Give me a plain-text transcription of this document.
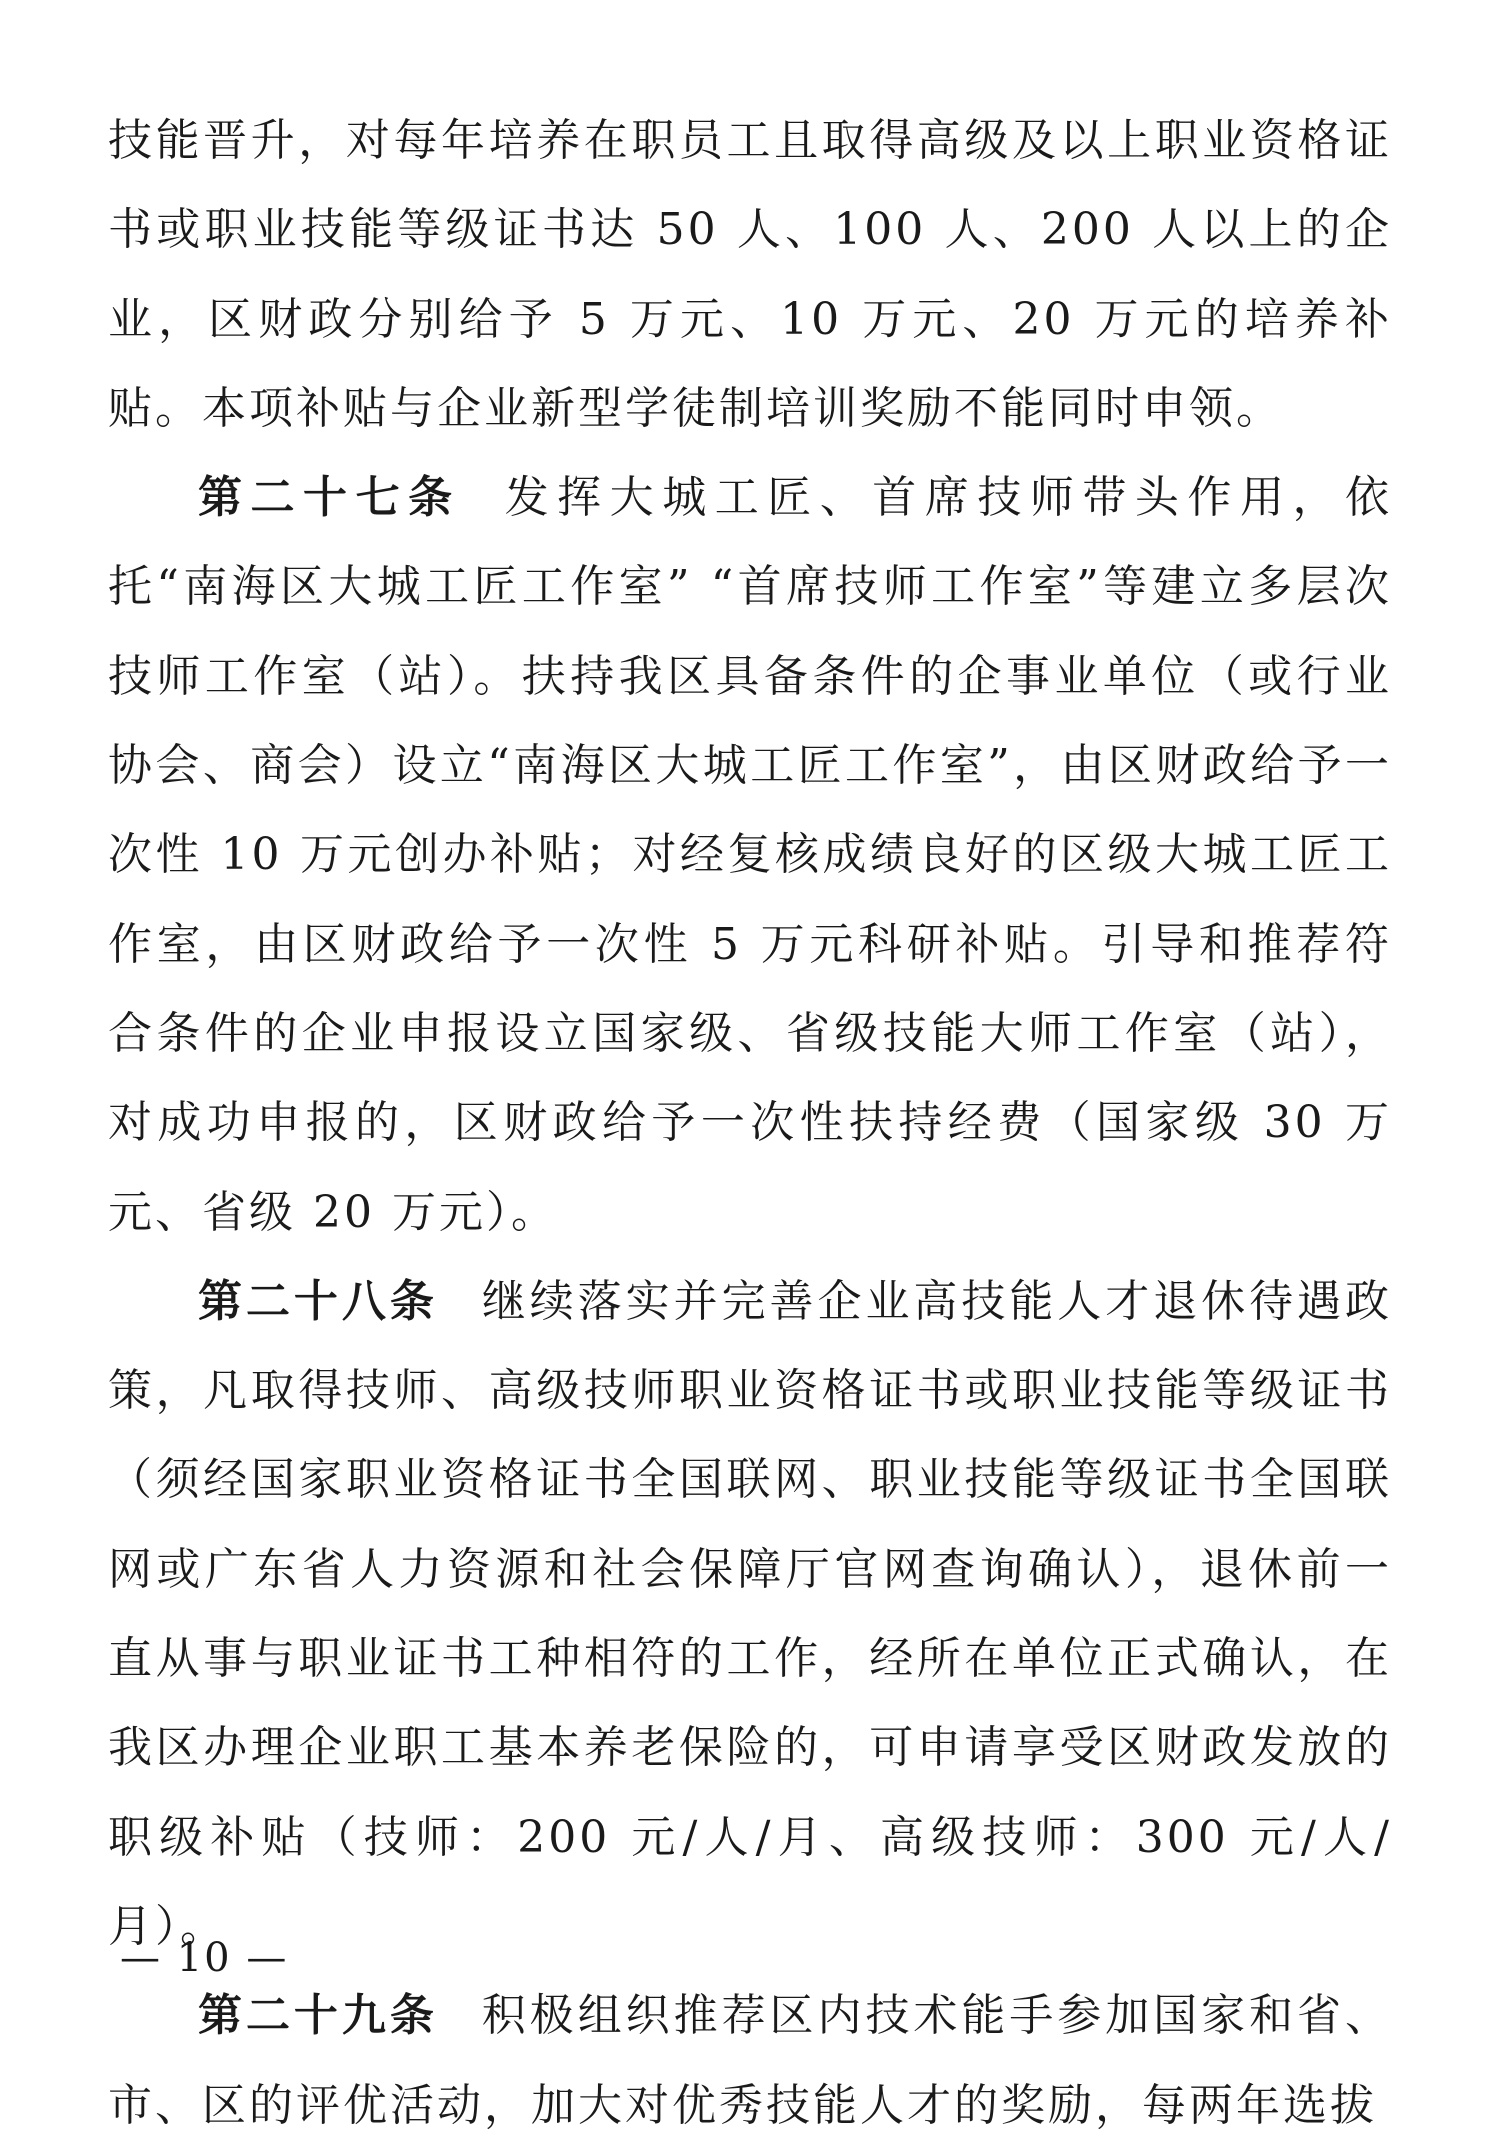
技能晋升，对每年培养在职员工且取得高级及以上职业资格证书或职业技能等级证书达 50 人、100 人、200 人以上的企业，区财政分别给予 5 万元、10 万元、20 万元的培养补贴。本项补贴与企业新型学徒制培训奖励不能同时申领。

第二十七条 发挥大城工匠、首席技师带头作用，依托“南海区大城工匠工作室” “首席技师工作室”等建立多层次技师工作室（站）。扶持我区具备条件的企事业单位（或行业协会、商会）设立“南海区大城工匠工作室”，由区财政给予一次性 10 万元创办补贴；对经复核成绩良好的区级大城工匠工作室，由区财政给予一次性 5 万元科研补贴。引导和推荐符合条件的企业申报设立国家级、省级技能大师工作室（站），对成功申报的，区财政给予一次性扶持经费（国家级 30 万元、省级 20 万元）。

第二十八条 继续落实并完善企业高技能人才退休待遇政策，凡取得技师、高级技师职业资格证书或职业技能等级证书（须经国家职业资格证书全国联网、职业技能等级证书全国联网或广东省人力资源和社会保障厅官网查询确认），退休前一直从事与职业证书工种相符的工作，经所在单位正式确认，在我区办理企业职工基本养老保险的，可申请享受区财政发放的职级补贴（技师：200 元/人/月、高级技师：300 元/人/月）。

第二十九条 积极组织推荐区内技术能手参加国家和省、市、区的评优活动，加大对优秀技能人才的奖励，每两年选拔

— 10 —
